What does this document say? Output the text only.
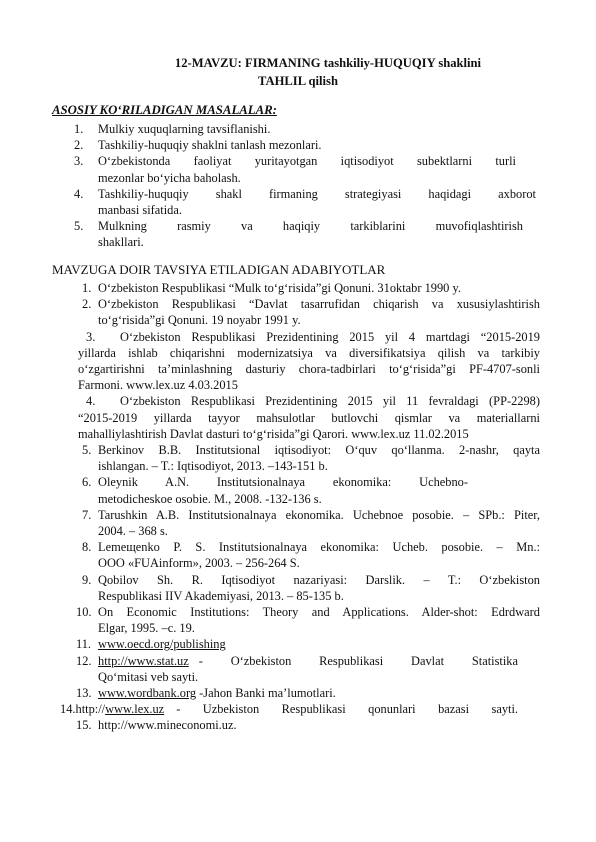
12-MAVZU: FIRMANING tashkiliy-HUQUQIY shaklini
TAHLIL qilish
ASOSIY KO‘RILADIGAN MASALALAR:
1. Mulkiy xuquqlarning tavsiflanishi.
2. Tashkiliy-huquqiy shaklni tanlash mezonlari.
3. O‘zbekistonda faoliyat yuritayotgan iqtisodiyot subektlarni turli
mezonlar bo‘yicha baholash.
4. Tashkiliy-huquqiy shakl firmaning strategiyasi haqidagi axborot
manbasi sifatida.
5. Mulkning rasmiy va haqiqiy tarkiblarini muvofiqlashtirish
shakllari.
MAVZUGA DOIR TAVSIYA ETILADIGAN ADABIYOTLAR
1. O‘zbekiston Respublikasi “Mulk to‘g‘risida”gi Qonuni. 31oktabr 1990 y.
2. O‘zbekiston Respublikasi “Davlat tasarrufidan chiqarish va xususiylashtirish
to‘g‘risida”gi Qonuni. 19 noyabr 1991 y.
3. O‘zbekiston Respublikasi Prezidentining 2015 yil 4 martdagi “2015-2019
yillarda ishlab chiqarishni modernizatsiya va diversifikatsiya qilish va tarkibiy
o‘zgartirishni ta’minlashning dasturiy chora-tadbirlari to‘g‘risida”gi PF-4707-sonli
Farmoni. www.lex.uz 4.03.2015
4. O‘zbekiston Respublikasi Prezidentining 2015 yil 11 fevraldagi (PP-2298)
“2015-2019 yillarda tayyor mahsulotlar butlovchi qismlar va materiallarni
mahalliylashtirish Davlat dasturi to‘g‘risida”gi Qarori. www.lex.uz 11.02.2015
5. Berkinov B.B. Institutsional iqtisodiyot: O‘quv qo‘llanma. 2-nashr, qayta
ishlangan. – T.: Iqtisodiyot, 2013. –143-151 b.
6. Oleynik A.N. Institutsionalnaya ekonomika: Uchebno-
metodicheskoe osobie. M., 2008. -132-136 s.
7. Tarushkin A.B. Institutsionalnaya ekonomika. Uchebnoe posobie. – SPb.: Piter,
2004. – 368 s.
8. Lemeщenko P. S. Institutsionalnaya ekonomika: Ucheb. posobie. – Mn.:
OOO «FUAinform», 2003. – 256-264 S.
9. Qobilov Sh. R. Iqtisodiyot nazariyasi: Darslik. – T.: O‘zbekiston
Respublikasi IIV Akademiyasi, 2013. – 85-135 b.
10. On Economic Institutions: Theory and Applications. Alder-shot: Edrdward
Elgar, 1995. –c. 19.
11. www.oecd.org/publishing
12. http://www.stat.uz - O‘zbekiston Respublikasi Davlat Statistika
Qo‘mitasi veb sayti.
13. www.wordbank.org -Jahon Banki ma’lumotlari.
14.http://www.lex.uz - Uzbekiston Respublikasi qonunlari bazasi sayti.
15. http://www.mineconomi.uz.
